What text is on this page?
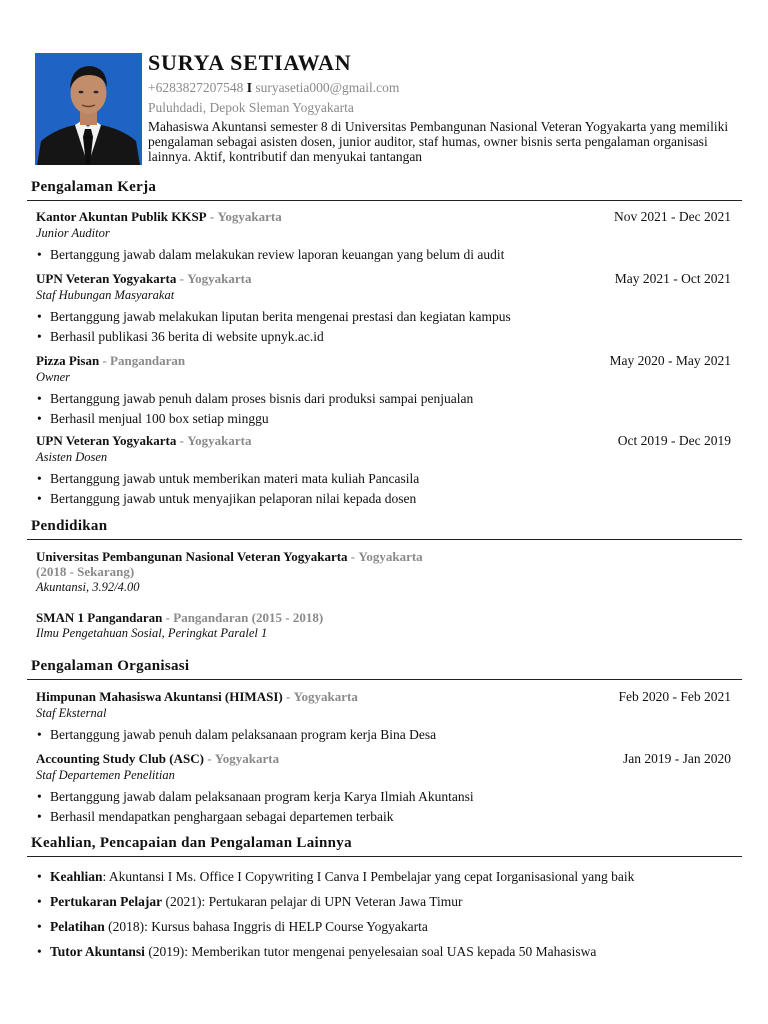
SURYA SETIAWAN
+6283827207548 I suryasetia000@gmail.com
Puluhdadi, Depok Sleman Yogyakarta
Mahasiswa Akuntansi semester 8 di Universitas Pembangunan Nasional Veteran Yogyakarta yang memiliki pengalaman sebagai asisten dosen, junior auditor, staf humas, owner bisnis serta pengalaman organisasi lainnya. Aktif, kontributif dan menyukai tantangan
Pengalaman Kerja
Kantor Akuntan Publik KKSP - Yogyakarta	Nov 2021 - Dec 2021
Junior Auditor
• Bertanggung jawab dalam melakukan review laporan keuangan yang belum di audit
UPN Veteran Yogyakarta - Yogyakarta	May 2021 - Oct 2021
Staf Hubungan Masyarakat
• Bertanggung jawab melakukan liputan berita mengenai prestasi dan kegiatan kampus
• Berhasil publikasi 36 berita di website upnyk.ac.id
Pizza Pisan - Pangandaran	May 2020 - May 2021
Owner
• Bertanggung jawab penuh dalam proses bisnis dari produksi sampai penjualan
• Berhasil menjual 100 box setiap minggu
UPN Veteran Yogyakarta - Yogyakarta	Oct 2019 - Dec 2019
Asisten Dosen
• Bertanggung jawab untuk memberikan materi mata kuliah Pancasila
• Bertanggung jawab untuk menyajikan pelaporan nilai kepada dosen
Pendidikan
Universitas Pembangunan Nasional Veteran Yogyakarta - Yogyakarta
(2018 - Sekarang)
Akuntansi, 3.92/4.00
SMAN 1 Pangandaran - Pangandaran (2015 - 2018)
Ilmu Pengetahuan Sosial, Peringkat Paralel 1
Pengalaman Organisasi
Himpunan Mahasiswa Akuntansi (HIMASI) - Yogyakarta	Feb 2020 - Feb 2021
Staf Eksternal
• Bertanggung jawab penuh dalam pelaksanaan program kerja Bina Desa
Accounting Study Club (ASC) - Yogyakarta	Jan 2019 - Jan 2020
Staf Departemen Penelitian
• Bertanggung jawab dalam pelaksanaan program kerja Karya Ilmiah Akuntansi
• Berhasil mendapatkan penghargaan sebagai departemen terbaik
Keahlian, Pencapaian dan Pengalaman Lainnya
• Keahlian: Akuntansi I Ms. Office I Copywriting I Canva I Pembelajar yang cepat Iorganisasional yang baik
• Pertukaran Pelajar (2021): Pertukaran pelajar di UPN Veteran Jawa Timur
• Pelatihan (2018): Kursus bahasa Inggris di HELP Course Yogyakarta
• Tutor Akuntansi (2019): Memberikan tutor mengenai penyelesaian soal UAS kepada 50 Mahasiswa
